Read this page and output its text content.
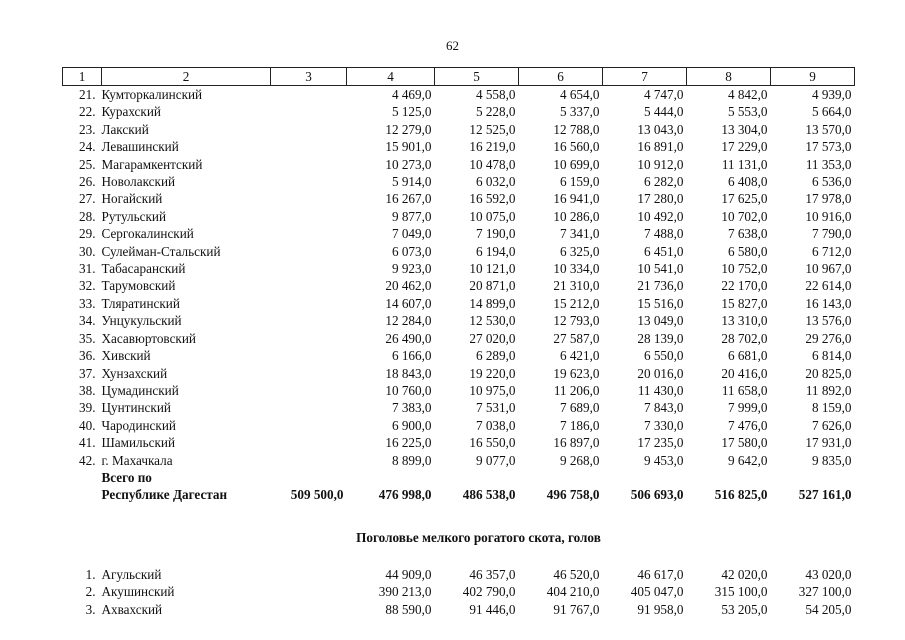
62
1	2	3	4	5	6	7	8	9
21.	Кумторкалинский		4 469,0	4 558,0	4 654,0	4 747,0	4 842,0	4 939,0
22.	Курахский		5 125,0	5 228,0	5 337,0	5 444,0	5 553,0	5 664,0
23.	Лакский		12 279,0	12 525,0	12 788,0	13 043,0	13 304,0	13 570,0
24.	Левашинский		15 901,0	16 219,0	16 560,0	16 891,0	17 229,0	17 573,0
25.	Магарамкентский		10 273,0	10 478,0	10 699,0	10 912,0	11 131,0	11 353,0
26.	Новолакский		5 914,0	6 032,0	6 159,0	6 282,0	6 408,0	6 536,0
27.	Ногайский		16 267,0	16 592,0	16 941,0	17 280,0	17 625,0	17 978,0
28.	Рутульский		9 877,0	10 075,0	10 286,0	10 492,0	10 702,0	10 916,0
29.	Сергокалинский		7 049,0	7 190,0	7 341,0	7 488,0	7 638,0	7 790,0
30.	Сулейман-Стальский		6 073,0	6 194,0	6 325,0	6 451,0	6 580,0	6 712,0
31.	Табасаранский		9 923,0	10 121,0	10 334,0	10 541,0	10 752,0	10 967,0
32.	Тарумовский		20 462,0	20 871,0	21 310,0	21 736,0	22 170,0	22 614,0
33.	Тляратинский		14 607,0	14 899,0	15 212,0	15 516,0	15 827,0	16 143,0
34.	Унцукульский		12 284,0	12 530,0	12 793,0	13 049,0	13 310,0	13 576,0
35.	Хасавюртовский		26 490,0	27 020,0	27 587,0	28 139,0	28 702,0	29 276,0
36.	Хивский		6 166,0	6 289,0	6 421,0	6 550,0	6 681,0	6 814,0
37.	Хунзахский		18 843,0	19 220,0	19 623,0	20 016,0	20 416,0	20 825,0
38.	Цумадинский		10 760,0	10 975,0	11 206,0	11 430,0	11 658,0	11 892,0
39.	Цунтинский		7 383,0	7 531,0	7 689,0	7 843,0	7 999,0	8 159,0
40.	Чародинский		6 900,0	7 038,0	7 186,0	7 330,0	7 476,0	7 626,0
41.	Шамильский		16 225,0	16 550,0	16 897,0	17 235,0	17 580,0	17 931,0
42.	г. Махачкала		8 899,0	9 077,0	9 268,0	9 453,0	9 642,0	9 835,0
	Всего по							
	Республике Дагестан	509 500,0	476 998,0	486 538,0	496 758,0	506 693,0	516 825,0	527 161,0

Поголовье мелкого рогатого скота, голов								

1.	Агульский		44 909,0	46 357,0	46 520,0	46 617,0	42 020,0	43 020,0
2.	Акушинский		390 213,0	402 790,0	404 210,0	405 047,0	315 100,0	327 100,0
3.	Ахвахский		88 590,0	91 446,0	91 767,0	91 958,0	53 205,0	54 205,0
